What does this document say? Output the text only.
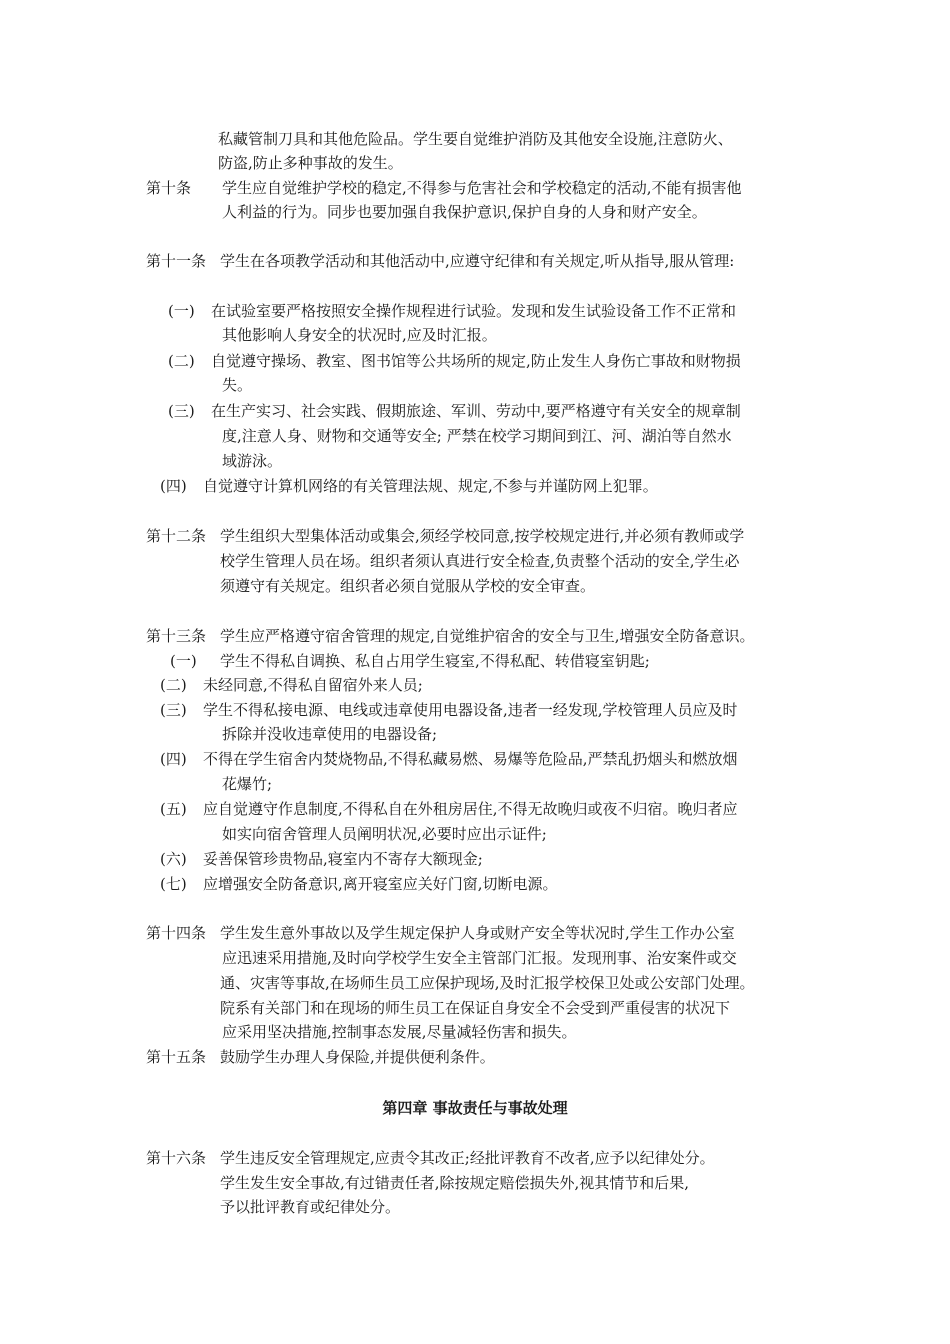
私藏管制刀具和其他危险品。学生要自觉维护消防及其他安全设施,注意防火、
防盗,防止多种事故的发生。
第十条 学生应自觉维护学校的稳定,不得参与危害社会和学校稳定的活动,不能有损害他
人利益的行为。同步也要加强自我保护意识,保护自身的人身和财产安全。
第十一条 学生在各项教学活动和其他活动中,应遵守纪律和有关规定,听从指导,服从管理:
(一) 在试验室要严格按照安全操作规程进行试验。发现和发生试验设备工作不正常和
其他影响人身安全的状况时,应及时汇报。
(二) 自觉遵守操场、教室、图书馆等公共场所的规定,防止发生人身伤亡事故和财物损
失。
(三) 在生产实习、社会实践、假期旅途、军训、劳动中,要严格遵守有关安全的规章制
度,注意人身、财物和交通等安全; 严禁在校学习期间到江、河、湖泊等自然水
域游泳。
(四) 自觉遵守计算机网络的有关管理法规、规定,不参与并谨防网上犯罪。
第十二条 学生组织大型集体活动或集会,须经学校同意,按学校规定进行,并必须有教师或学
校学生管理人员在场。组织者须认真进行安全检查,负责整个活动的安全,学生必
须遵守有关规定。组织者必须自觉服从学校的安全审查。
第十三条 学生应严格遵守宿舍管理的规定,自觉维护宿舍的安全与卫生,增强安全防备意识。
(一) 学生不得私自调换、私自占用学生寝室,不得私配、转借寝室钥匙;
(二) 未经同意,不得私自留宿外来人员;
(三) 学生不得私接电源、电线或违章使用电器设备,违者一经发现,学校管理人员应及时
拆除并没收违章使用的电器设备;
(四) 不得在学生宿舍内焚烧物品,不得私藏易燃、易爆等危险品,严禁乱扔烟头和燃放烟
花爆竹;
(五) 应自觉遵守作息制度,不得私自在外租房居住,不得无故晚归或夜不归宿。晚归者应
如实向宿舍管理人员阐明状况,必要时应出示证件;
(六) 妥善保管珍贵物品,寝室内不寄存大额现金;
(七) 应增强安全防备意识,离开寝室应关好门窗,切断电源。
第十四条 学生发生意外事故以及学生规定保护人身或财产安全等状况时,学生工作办公室
应迅速采用措施,及时向学校学生安全主管部门汇报。发现刑事、治安案件或交
通、灾害等事故,在场师生员工应保护现场,及时汇报学校保卫处或公安部门处理。
院系有关部门和在现场的师生员工在保证自身安全不会受到严重侵害的状况下
应采用坚决措施,控制事态发展,尽量减轻伤害和损失。
第十五条 鼓励学生办理人身保险,并提供便利条件。
第四章 事故责任与事故处理
第十六条 学生违反安全管理规定,应责令其改正;经批评教育不改者,应予以纪律处分。
学生发生安全事故,有过错责任者,除按规定赔偿损失外,视其情节和后果,
予以批评教育或纪律处分。
